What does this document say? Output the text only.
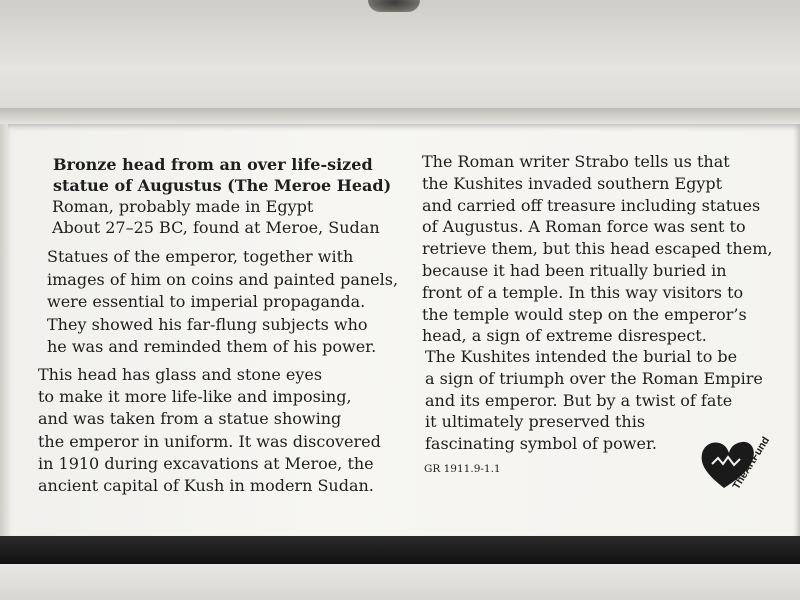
Bronze head from an over life-sized
statue of Augustus (The Meroe Head)
Roman, probably made in Egypt
About 27–25 BC, found at Meroe, Sudan
Statues of the emperor, together with
images of him on coins and painted panels,
were essential to imperial propaganda.
They showed his far-flung subjects who
he was and reminded them of his power.
This head has glass and stone eyes
to make it more life-like and imposing,
and was taken from a statue showing
the emperor in uniform. It was discovered
in 1910 during excavations at Meroe, the
ancient capital of Kush in modern Sudan.
The Roman writer Strabo tells us that
the Kushites invaded southern Egypt
and carried off treasure including statues
of Augustus. A Roman force was sent to
retrieve them, but this head escaped them,
because it had been ritually buried in
front of a temple. In this way visitors to
the temple would step on the emperor’s
head, a sign of extreme disrespect.
The Kushites intended the burial to be
a sign of triumph over the Roman Empire
and its emperor. But by a twist of fate
it ultimately preserved this
fascinating symbol of power.
GR 1911.9-1.1	TheArtFund
